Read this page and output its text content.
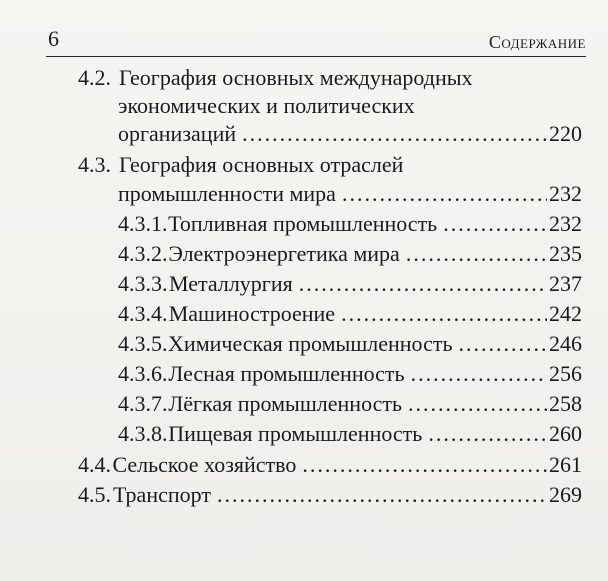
6	Содержание
4.2. География основных международных
экономических и политических
организаций .....	220
4.3. География основных отраслей
промышленности мира .....	232
4.3.1. Топливная промышленность .....	232
4.3.2. Электроэнергетика мира .....	235
4.3.3. Металлургия .....	237
4.3.4. Машиностроение .....	242
4.3.5. Химическая промышленность .....	246
4.3.6. Лесная промышленность .....	256
4.3.7. Лёгкая промышленность .....	258
4.3.8. Пищевая промышленность .....	260
4.4. Сельское хозяйство .....	261
4.5. Транспорт .....	269
